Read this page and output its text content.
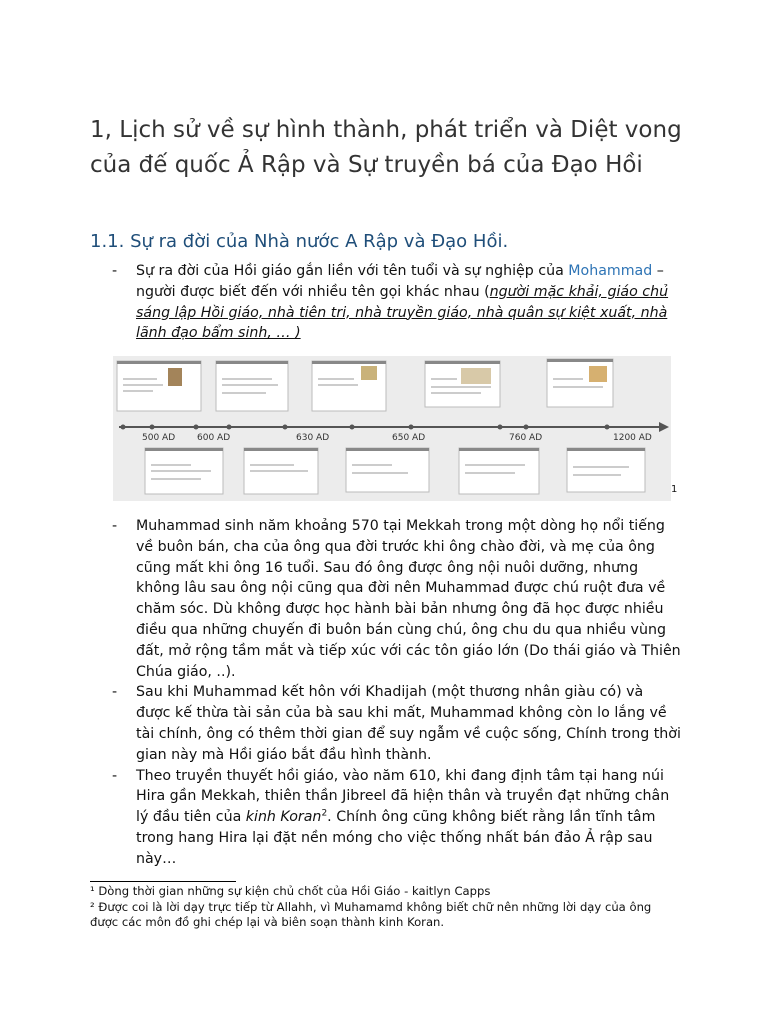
1, Lịch sử về sự hình thành, phát triển và Diệt vong của đế quốc Ả Rập và Sự truyền bá của Đạo Hồi
1.1. Sự ra đời của Nhà nước A Rập và Đạo Hồi.
- Sự ra đời của Hồi giáo gắn liền với tên tuổi và sự nghiệp của Mohammad – người được biết đến với nhiều tên gọi khác nhau (người mặc khải, giáo chủ sáng lập Hồi giáo, nhà tiên tri, nhà truyền giáo, nhà quân sự kiệt xuất, nhà lãnh đạo bẩm sinh, … )
500 AD 600 AD	630 AD	650 AD	760 AD	1200 AD
1
- Muhammad sinh năm khoảng 570 tại Mekkah trong một dòng họ nổi tiếng về buôn bán, cha của ông qua đời trước khi ông chào đời, và mẹ của ông cũng mất khi ông 16 tuổi. Sau đó ông được ông nội nuôi dưỡng, nhưng không lâu sau ông nội cũng qua đời nên Muhammad được chú ruột đưa về chăm sóc. Dù không được học hành bài bản nhưng ông đã học được nhiều điều qua những chuyến đi buôn bán cùng chú, ông chu du qua nhiều vùng đất, mở rộng tầm mắt và tiếp xúc với các tôn giáo lớn (Do thái giáo và Thiên Chúa giáo, ..).
- Sau khi Muhammad kết hôn với Khadijah (một thương nhân giàu có) và được kế thừa tài sản của bà sau khi mất, Muhammad không còn lo lắng về tài chính, ông có thêm thời gian để suy ngẫm về cuộc sống, Chính trong thời gian này mà Hồi giáo bắt đầu hình thành.
- Theo truyền thuyết hồi giáo, vào năm 610, khi đang định tâm tại hang núi Hira gần Mekkah, thiên thần Jibreel đã hiện thân và truyền đạt những chân lý đầu tiên của kinh Koran$^2$. Chính ông cũng không biết rằng lần tĩnh tâm trong hang Hira lại đặt nền móng cho việc thống nhất bán đảo Ả rập sau này…

¹ Dòng thời gian những sự kiện chủ chốt của Hồi Giáo - kaitlyn Capps

² Được coi là lời dạy trực tiếp từ Allahh, vì Muhamamd không biết chữ nên những lời dạy của ông được các môn đồ ghi chép lại và biên soạn thành kinh Koran.
